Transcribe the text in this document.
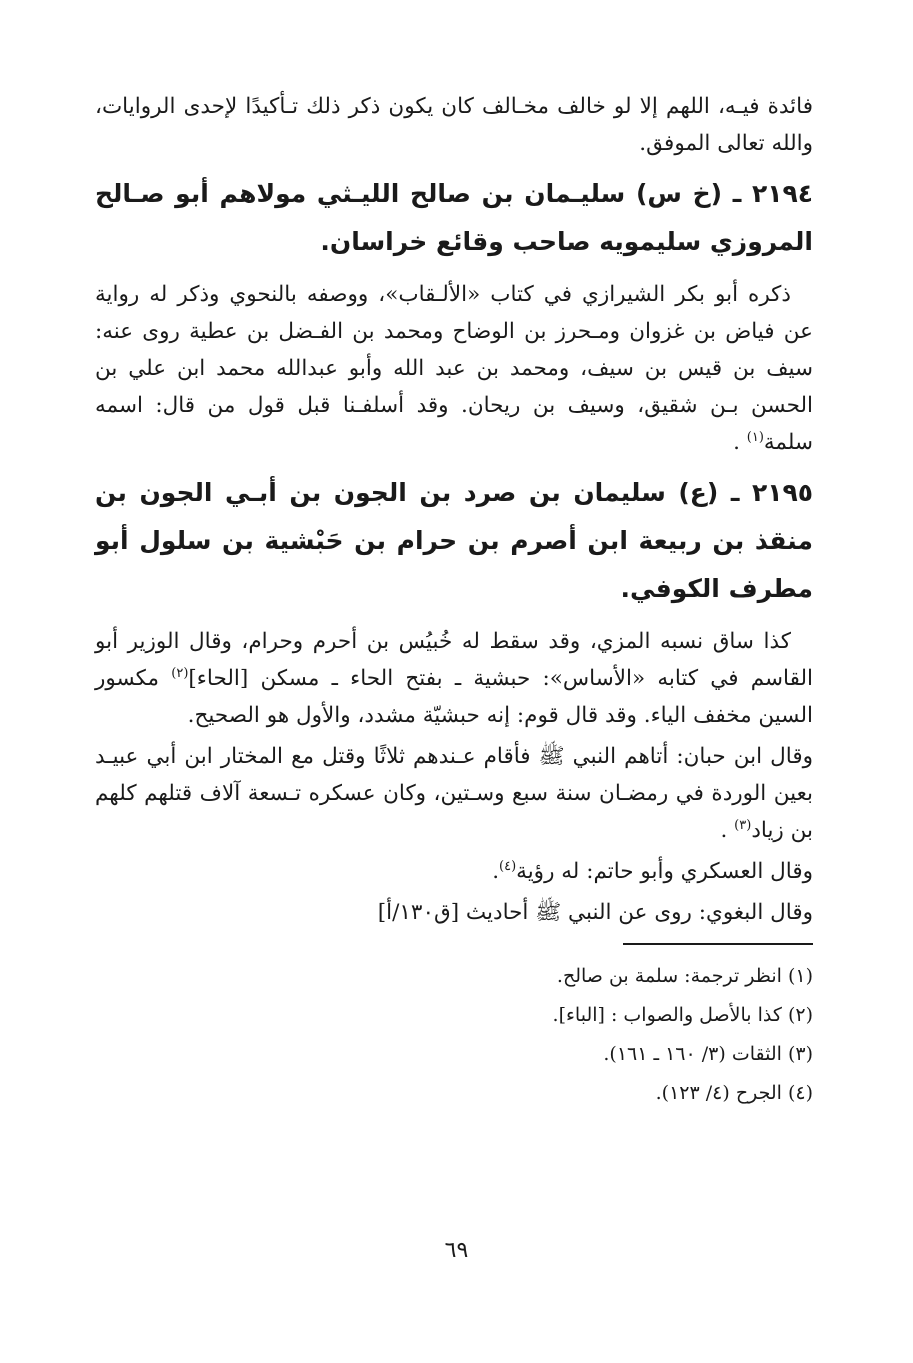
فائدة فيـه، اللهم إلا لو خالف مخـالف كان يكون ذكر ذلك تـأكيدًا لإحدى الروايات، والله تعالى الموفق.

٢١٩٤ ـ (خ س) سليـمان بن صالح الليـثي مولاهم أبو صـالح المروزي سليمويه صاحب وقائع خراسان.

ذكره أبو بكر الشيرازي في كتاب «الألـقاب»، ووصفه بالنحوي وذكر له رواية عن فياض بن غزوان ومـحرز بن الوضاح ومحمد بن الفـضل بن عطية روى عنه: سيف بن قيس بن سيف، ومحمد بن عبد الله وأبو عبدالله محمد ابن علي بن الحسن بـن شقيق، وسيف بن ريحان. وقد أسلفـنا قبل قول من قال: اسمه سلمة$^{(١)}$ .

٢١٩٥ ـ (ع) سليمان بن صرد بن الجون بن أبـي الجون بن منقذ بن ربيعة ابن أصرم بن حرام بن حَبْشية بن سلول أبو مطرف الكوفي.

كذا ساق نسبه المزي، وقد سقط له خُبيُس بن أحرم وحرام، وقال الوزير أبو القاسم في كتابه «الأساس»: حبشية ـ بفتح الحاء ـ مسكن [الحاء]$^{(٢)}$ مكسور السين مخفف الياء. وقد قال قوم: إنه حبشيّة مشدد، والأول هو الصحيح.

وقال ابن حبان: أتاهم النبي ﷺ فأقام عـندهم ثلاثًا وقتل مع المختار ابن أبي عبيـد بعين الوردة في رمضـان سنة سبع وسـتين، وكان عسكره تـسعة آلاف قتلهم كلهم بن زياد$^{(٣)}$ .

وقال العسكري وأبو حاتم: له رؤية$^{(٤)}$.

وقال البغوي: روى عن النبي ﷺ أحاديث [ق١٣٠/أ]

(١)انظر ترجمة: سلمة بن صالح.

(٢)كذا بالأصل والصواب : [الباء].

(٣)الثقات (٣/ ١٦٠ ـ ١٦١).

(٤)الجرح (٤/ ١٢٣).

٦٩
